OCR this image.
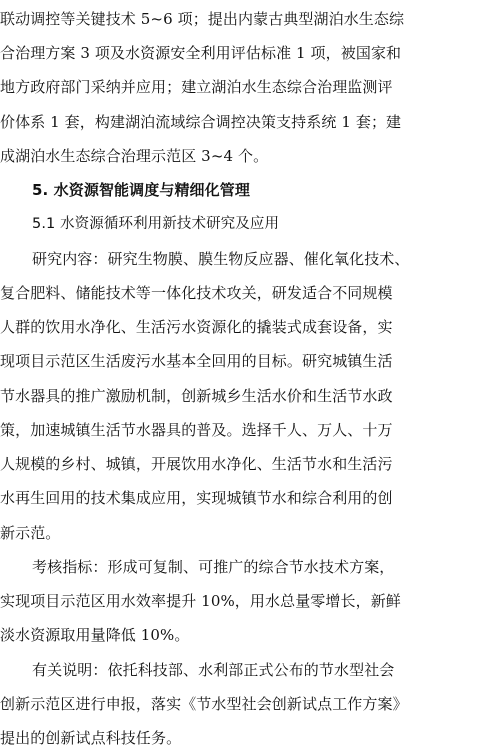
联动调控等关键技术 5~6 项；提出内蒙古典型湖泊水生态综
合治理方案 3 项及水资源安全利用评估标准 1 项，被国家和
地方政府部门采纳并应用；建立湖泊水生态综合治理监测评
价体系 1 套，构建湖泊流域综合调控决策支持系统 1 套；建
成湖泊水生态综合治理示范区 3~4 个。
5. 水资源智能调度与精细化管理
5.1 水资源循环利用新技术研究及应用
研究内容：研究生物膜、膜生物反应器、催化氧化技术、
复合肥料、储能技术等一体化技术攻关，研发适合不同规模
人群的饮用水净化、生活污水资源化的撬装式成套设备，实
现项目示范区生活废污水基本全回用的目标。研究城镇生活
节水器具的推广激励机制，创新城乡生活水价和生活节水政
策，加速城镇生活节水器具的普及。选择千人、万人、十万
人规模的乡村、城镇，开展饮用水净化、生活节水和生活污
水再生回用的技术集成应用，实现城镇节水和综合利用的创
新示范。
考核指标：形成可复制、可推广的综合节水技术方案，
实现项目示范区用水效率提升 10%，用水总量零增长，新鲜
淡水资源取用量降低 10%。
有关说明：依托科技部、水利部正式公布的节水型社会
创新示范区进行申报，落实《节水型社会创新试点工作方案》
提出的创新试点科技任务。
